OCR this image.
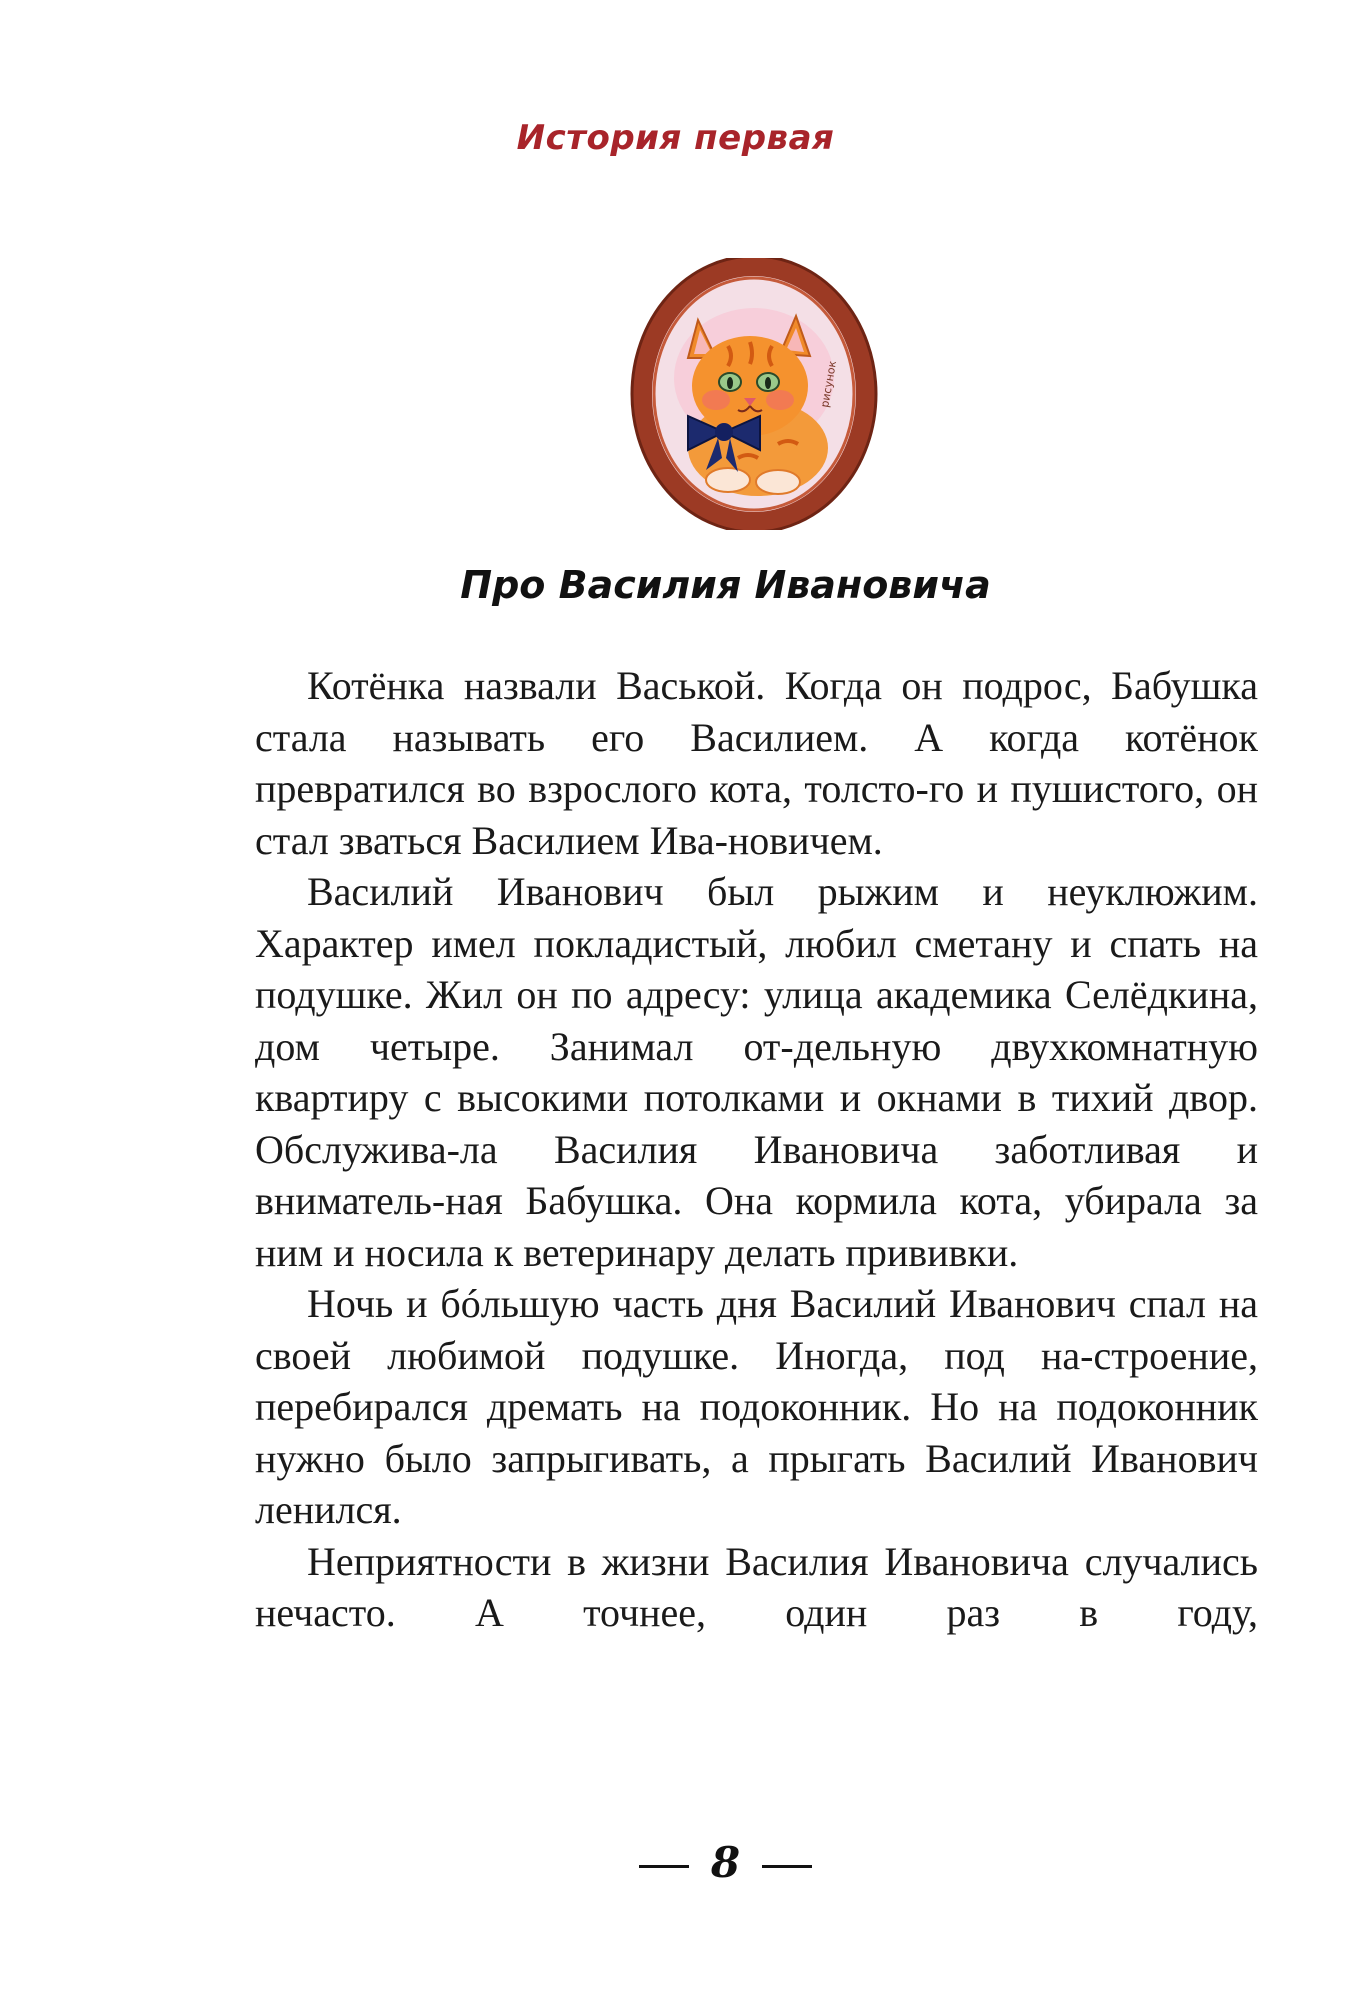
История первая
рисунок
Про Василия Ивановича

Котёнка назвали Васькой. Когда он подрос, Бабушка стала называть его Василием. А когда котёнок превратился во взрослого кота, толсто-го и пушистого, он стал зваться Василием Ива-новичем.

Василий Иванович был рыжим и неуклюжим. Характер имел покладистый, любил сметану и спать на подушке. Жил он по адресу: улица академика Селёдкина, дом четыре. Занимал от-дельную двухкомнатную квартиру с высокими потолками и окнами в тихий двор. Обслужива-ла Василия Ивановича заботливая и вниматель-ная Бабушка. Она кормила кота, убирала за ним и носила к ветеринару делать прививки.

Ночь и бóльшую часть дня Василий Иванович спал на своей любимой подушке. Иногда, под на-строение, перебирался дремать на подоконник. Но на подоконник нужно было запрыгивать, а прыгать Василий Иванович ленился.

Неприятности в жизни Василия Ивановича случались нечасто. А точнее, один раз в году,

8
